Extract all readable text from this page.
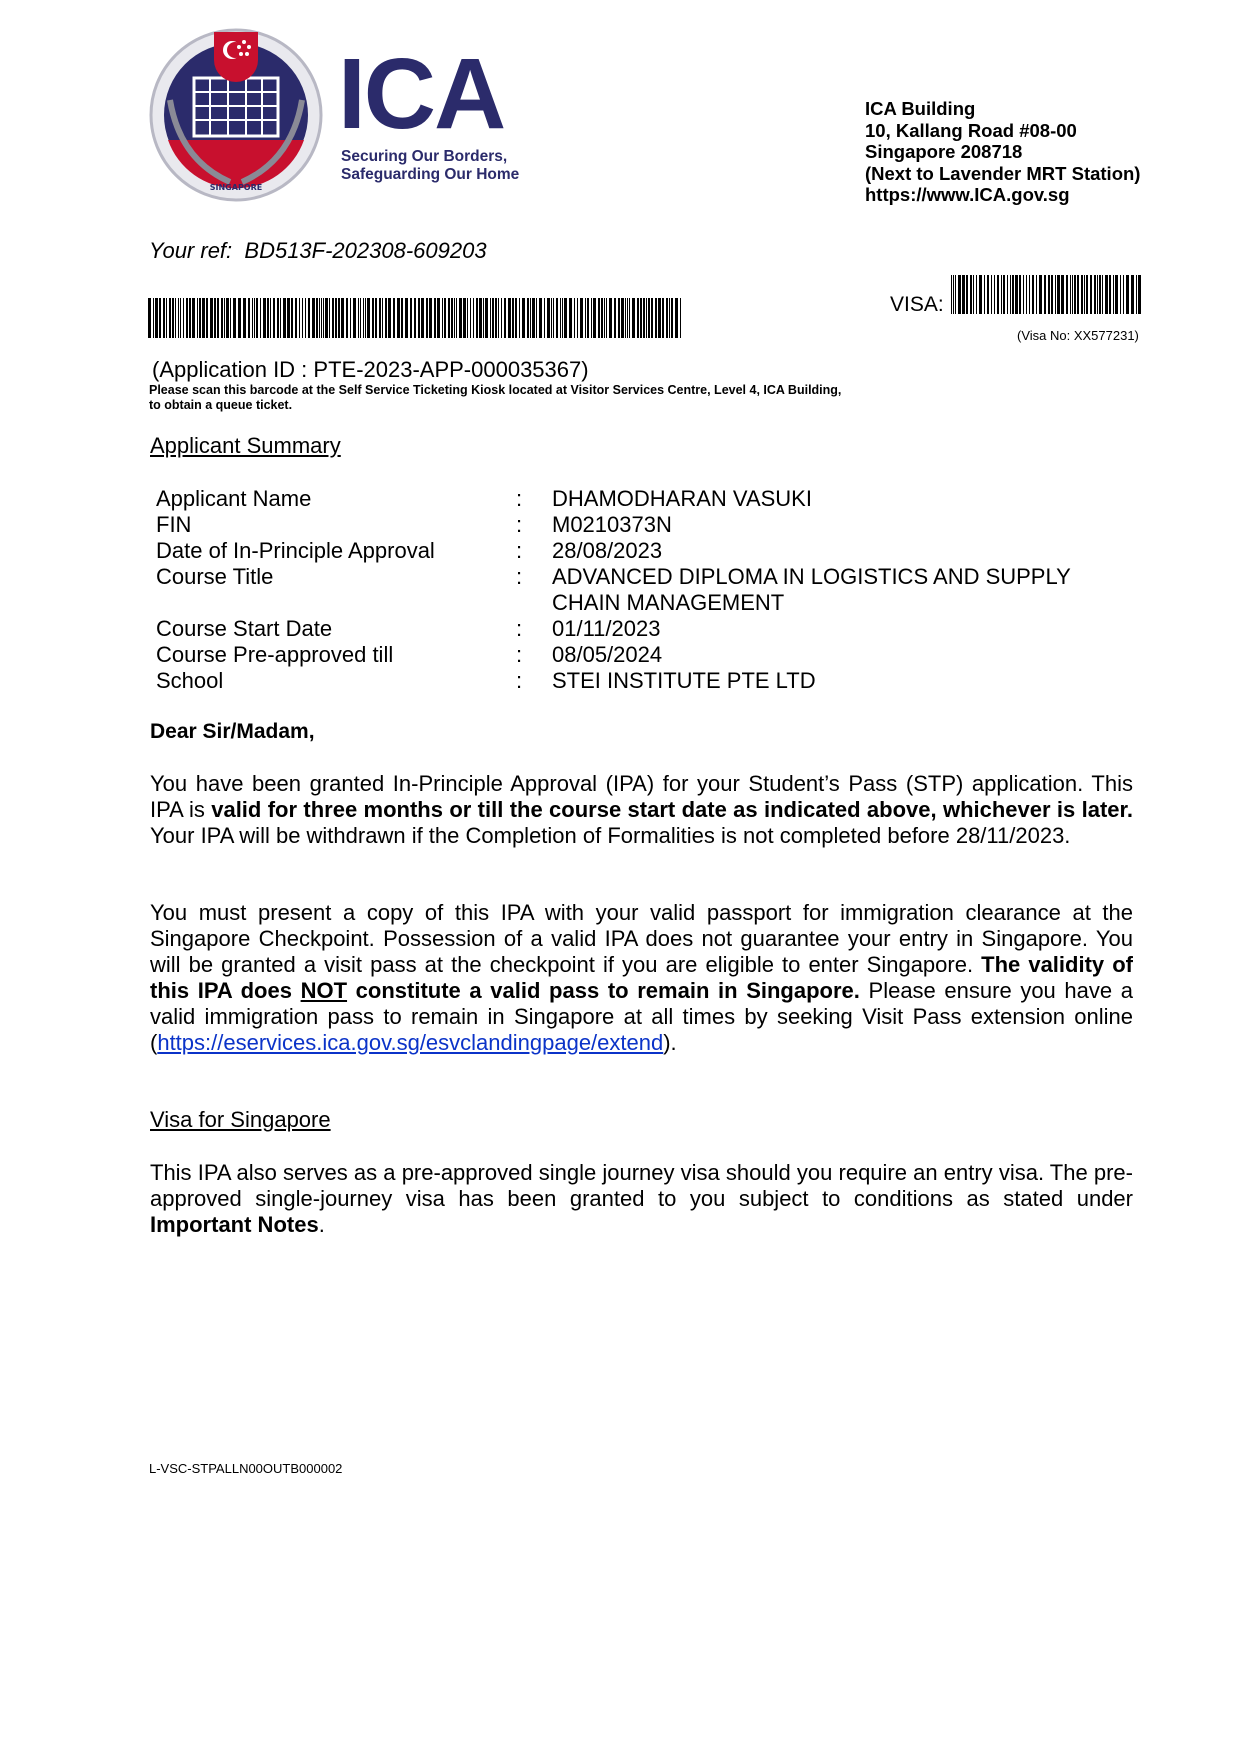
SINGAPORE
ICA
Securing Our Borders,
Safeguarding Our Home
ICA Building
10, Kallang Road #08-00
Singapore 208718
(Next to Lavender MRT Station)
https://www.ICA.gov.sg
Your ref: BD513F-202308-609203
VISA:
(Visa No: XX577231)
(Application ID : PTE-2023-APP-000035367)
Please scan this barcode at the Self Service Ticketing Kiosk located at Visitor Services Centre, Level 4, ICA Building,
to obtain a queue ticket.
Applicant Summary
Applicant Name	:	DHAMODHARAN VASUKI
FIN	:	M0210373N
Date of In-Principle Approval	:	28/08/2023
Course Title	:	ADVANCED DIPLOMA IN LOGISTICS AND SUPPLY CHAIN MANAGEMENT
Course Start Date	:	01/11/2023
Course Pre-approved till	:	08/05/2024
School	:	STEI INSTITUTE PTE LTD
Dear Sir/Madam,
You have been granted In-Principle Approval (IPA) for your Student’s Pass (STP) application. This IPA is valid for three months or till the course start date as indicated above, whichever is later. Your IPA will be withdrawn if the Completion of Formalities is not completed before 28/11/2023.
You must present a copy of this IPA with your valid passport for immigration clearance at the Singapore Checkpoint. Possession of a valid IPA does not guarantee your entry in Singapore. You will be granted a visit pass at the checkpoint if you are eligible to enter Singapore. The validity of this IPA does NOT constitute a valid pass to remain in Singapore. Please ensure you have a valid immigration pass to remain in Singapore at all times by seeking Visit Pass extension online (https://eservices.ica.gov.sg/esvclandingpage/extend).
Visa for Singapore
This IPA also serves as a pre-approved single journey visa should you require an entry visa. The pre-approved single-journey visa has been granted to you subject to conditions as stated under Important Notes.
L-VSC-STPALLN00OUTB000002
